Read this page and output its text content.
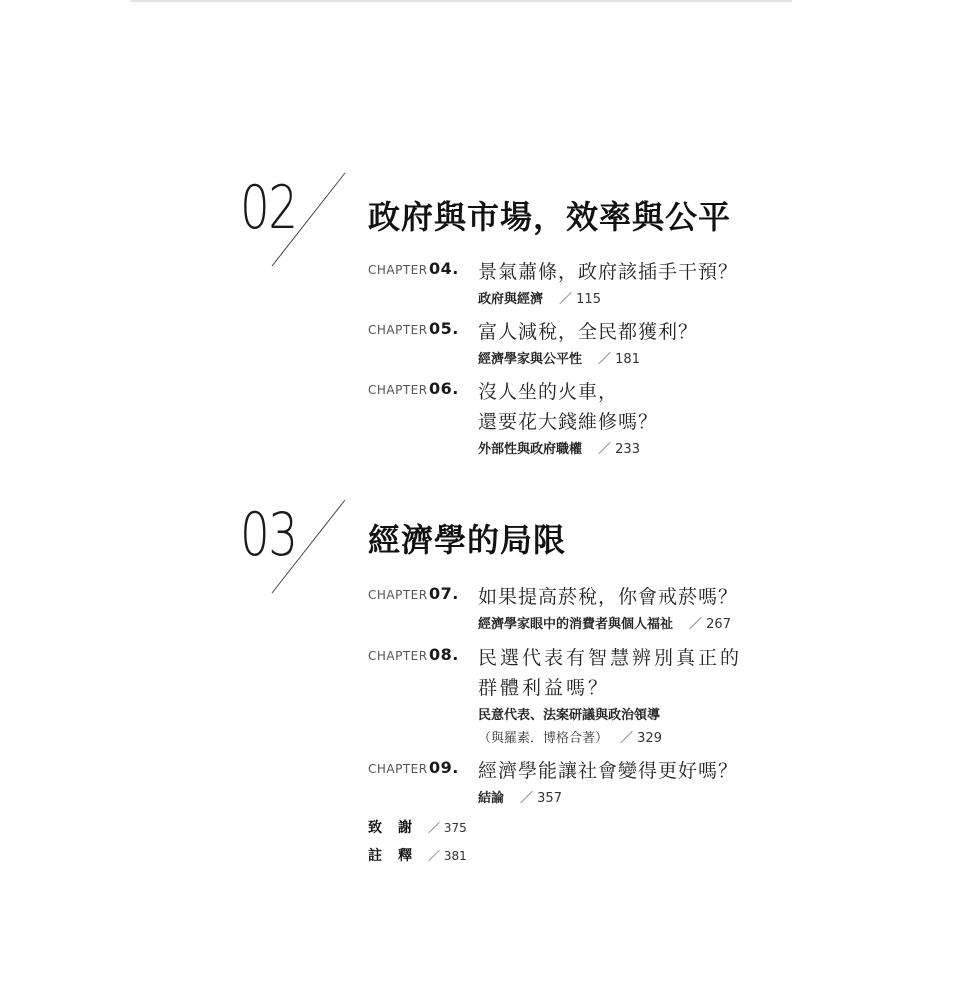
02 政府與市場，效率與公平
CHAPTER 04. 景氣蕭條，政府該插手干預？
政府與經濟 ／ 115
CHAPTER 05. 富人減稅，全民都獲利？
經濟學家與公平性 ／ 181
CHAPTER 06. 沒人坐的火車，
還要花大錢維修嗎？
外部性與政府職權 ／ 233
03 經濟學的局限
CHAPTER 07. 如果提高菸稅，你會戒菸嗎？
經濟學家眼中的消費者與個人福祉 ／ 267
CHAPTER 08. 民選代表有智慧辨別真正的
群體利益嗎？
民意代表、法案研議與政治領導
（與羅素．博格合著） ／ 329
CHAPTER 09. 經濟學能讓社會變得更好嗎？
結論 ／ 357
致謝／ 375
註釋／ 381
